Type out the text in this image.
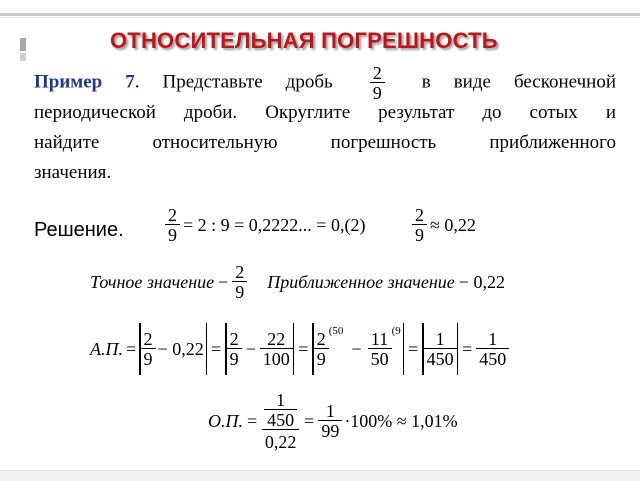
ОТНОСИТЕЛЬНАЯ ПОГРЕШНОСТЬ
Пример 7. Представьте дробь $\frac{2}{9}$ в виде бесконечной
периодической дроби. Округлите результат до сотых и
найдите относительную погрешность приближенного
значения.
Решение. $\frac{2}{9} = 2$ : 9 = 0,2222... = 0,(2)	$\frac{2}{9} \approx 0,22$
Точное значение − $\frac{2}{9}$ Приближенное значение − 0,22
А.П. = $\frac{2}{9} - 0,22 = \frac{2}{9} - \frac{22}{100} = \frac{2}{9} (50$
− $\frac{11}{50} (9$
= $\frac{1}{450} = \frac{1}{450}$
О.П. = $\frac{\frac{1}{450}}{0,22} = \frac{1}{99} \cdot 100\% \approx 1,01\%$
